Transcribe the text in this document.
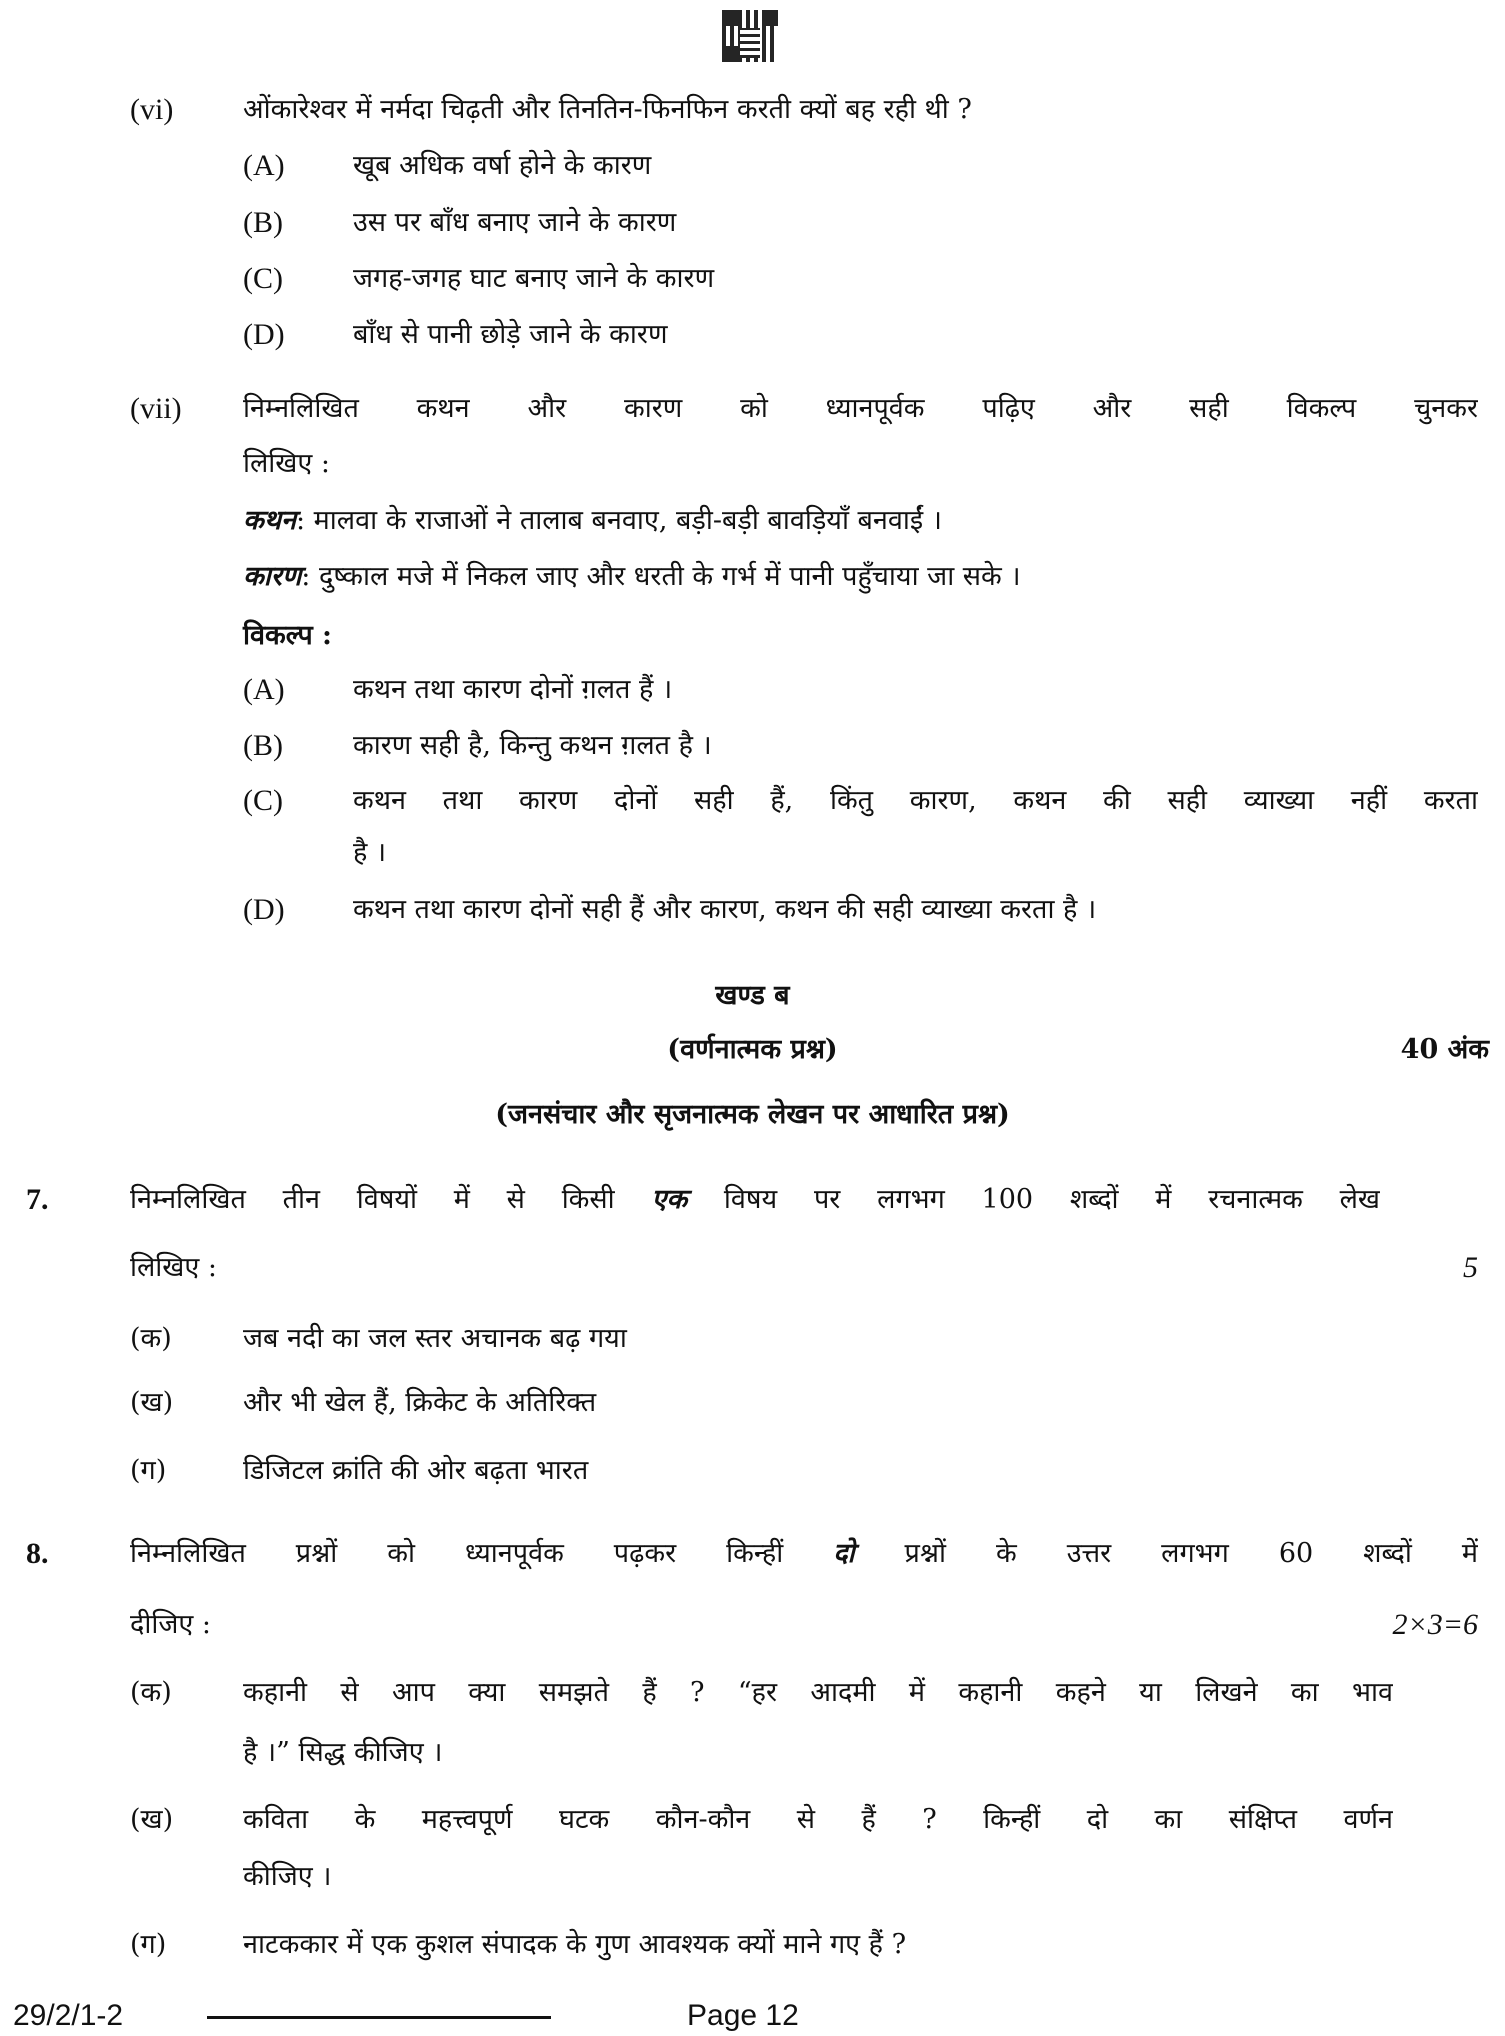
(vi)	ओंकारेश्वर में नर्मदा चिढ़ती और तिनतिन-फिनफिन करती क्यों बह रही थी ?
(A)	खूब अधिक वर्षा होने के कारण
(B)	उस पर बाँध बनाए जाने के कारण
(C)	जगह-जगह घाट बनाए जाने के कारण
(D)	बाँध से पानी छोड़े जाने के कारण
(vii) निम्नलिखित कथन और कारण को ध्यानपूर्वक पढ़िए और सही विकल्प चुनकर
लिखिए :
कथन: मालवा के राजाओं ने तालाब बनवाए, बड़ी-बड़ी बावड़ियाँ बनवाईं ।
कारण: दुष्काल मजे में निकल जाए और धरती के गर्भ में पानी पहुँचाया जा सके ।
विकल्प :
(A)	कथन तथा कारण दोनों ग़लत हैं ।
(B)	कारण सही है, किन्तु कथन ग़लत है ।
(C)	कथन तथा कारण दोनों सही हैं, किंतु कारण, कथन की सही व्याख्या नहीं करता
है ।
(D)	कथन तथा कारण दोनों सही हैं और कारण, कथन की सही व्याख्या करता है ।
खण्ड ब
(वर्णनात्मक प्रश्न)	40 अंक
(जनसंचार और सृजनात्मक लेखन पर आधारित प्रश्न)
7.	निम्नलिखित तीन विषयों में से किसी एक विषय पर लगभग 100 शब्दों में रचनात्मक लेख
लिखिए :	5
(क)	जब नदी का जल स्तर अचानक बढ़ गया
(ख)	और भी खेल हैं, क्रिकेट के अतिरिक्त
(ग)	डिजिटल क्रांति की ओर बढ़ता भारत
8.	निम्नलिखित प्रश्नों को ध्यानपूर्वक पढ़कर किन्हीं दो प्रश्नों के उत्तर लगभग 60 शब्दों में
दीजिए :	2×3=6
(क)	कहानी से आप क्या समझते हैं ? “हर आदमी में कहानी कहने या लिखने का भाव
है ।” सिद्ध कीजिए ।
(ख)	कविता के महत्त्वपूर्ण घटक कौन-कौन से हैं ? किन्हीं दो का संक्षिप्त वर्णन
कीजिए ।
(ग)	नाटककार में एक कुशल संपादक के गुण आवश्यक क्यों माने गए हैं ?
29/2/1-2	Page 12
